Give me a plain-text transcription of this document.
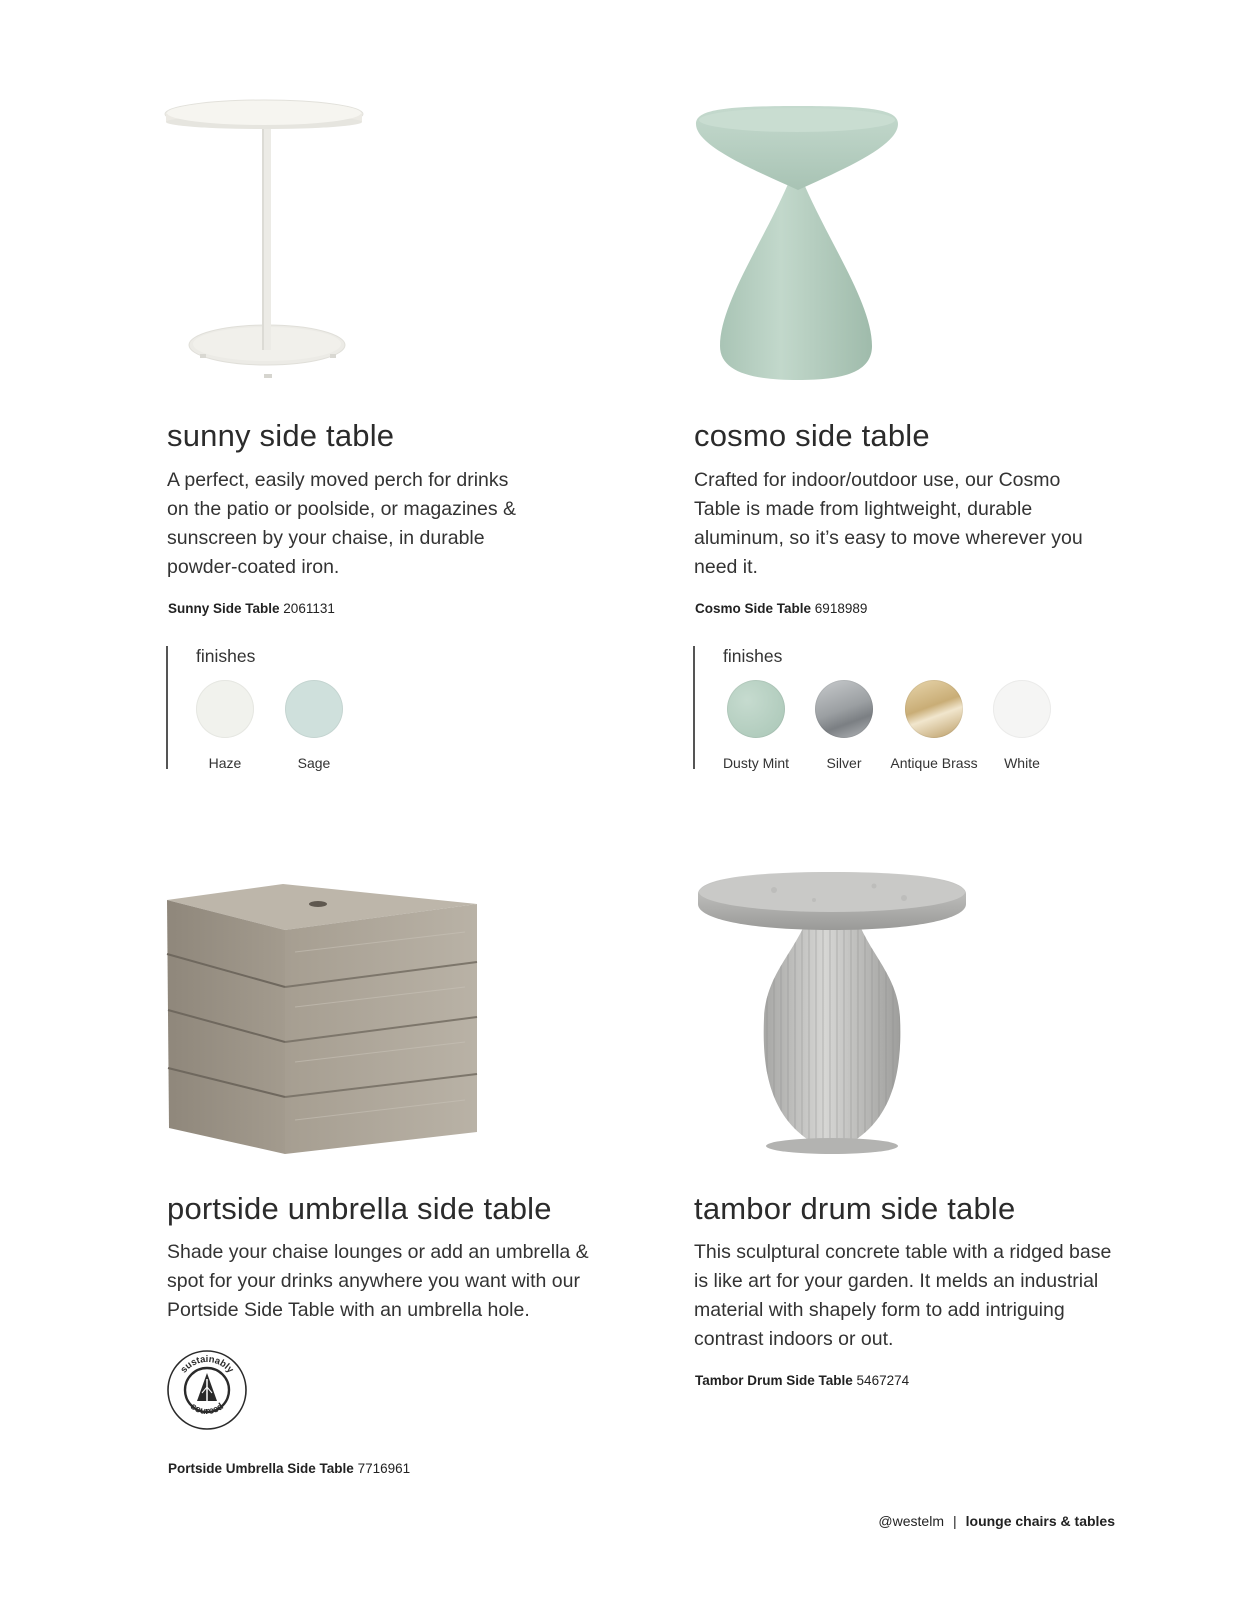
sunny side table

A perfect, easily moved perch for drinks on the patio or poolside, or magazines & sunscreen by your chaise, in durable powder-coated iron.

Sunny Side Table 2061131
finishes
Haze	Sage
cosmo side table

Crafted for indoor/outdoor use, our Cosmo Table is made from lightweight, durable aluminum, so it’s easy to move wherever you need it.

Cosmo Side Table 6918989
finishes
Dusty Mint	Silver	Antique Brass	White
portside umbrella side table

Shade your chaise lounges or add an umbrella & spot for your drinks anywhere you want with our Portside Side Table with an umbrella hole.

sustainably
sourced
Portside Umbrella Side Table 7716961
tambor drum side table

This sculptural concrete table with a ridged base is like art for your garden. It melds an industrial material with shapely form to add intriguing contrast indoors or out.

Tambor Drum Side Table 5467274
@westelm | lounge chairs & tables
